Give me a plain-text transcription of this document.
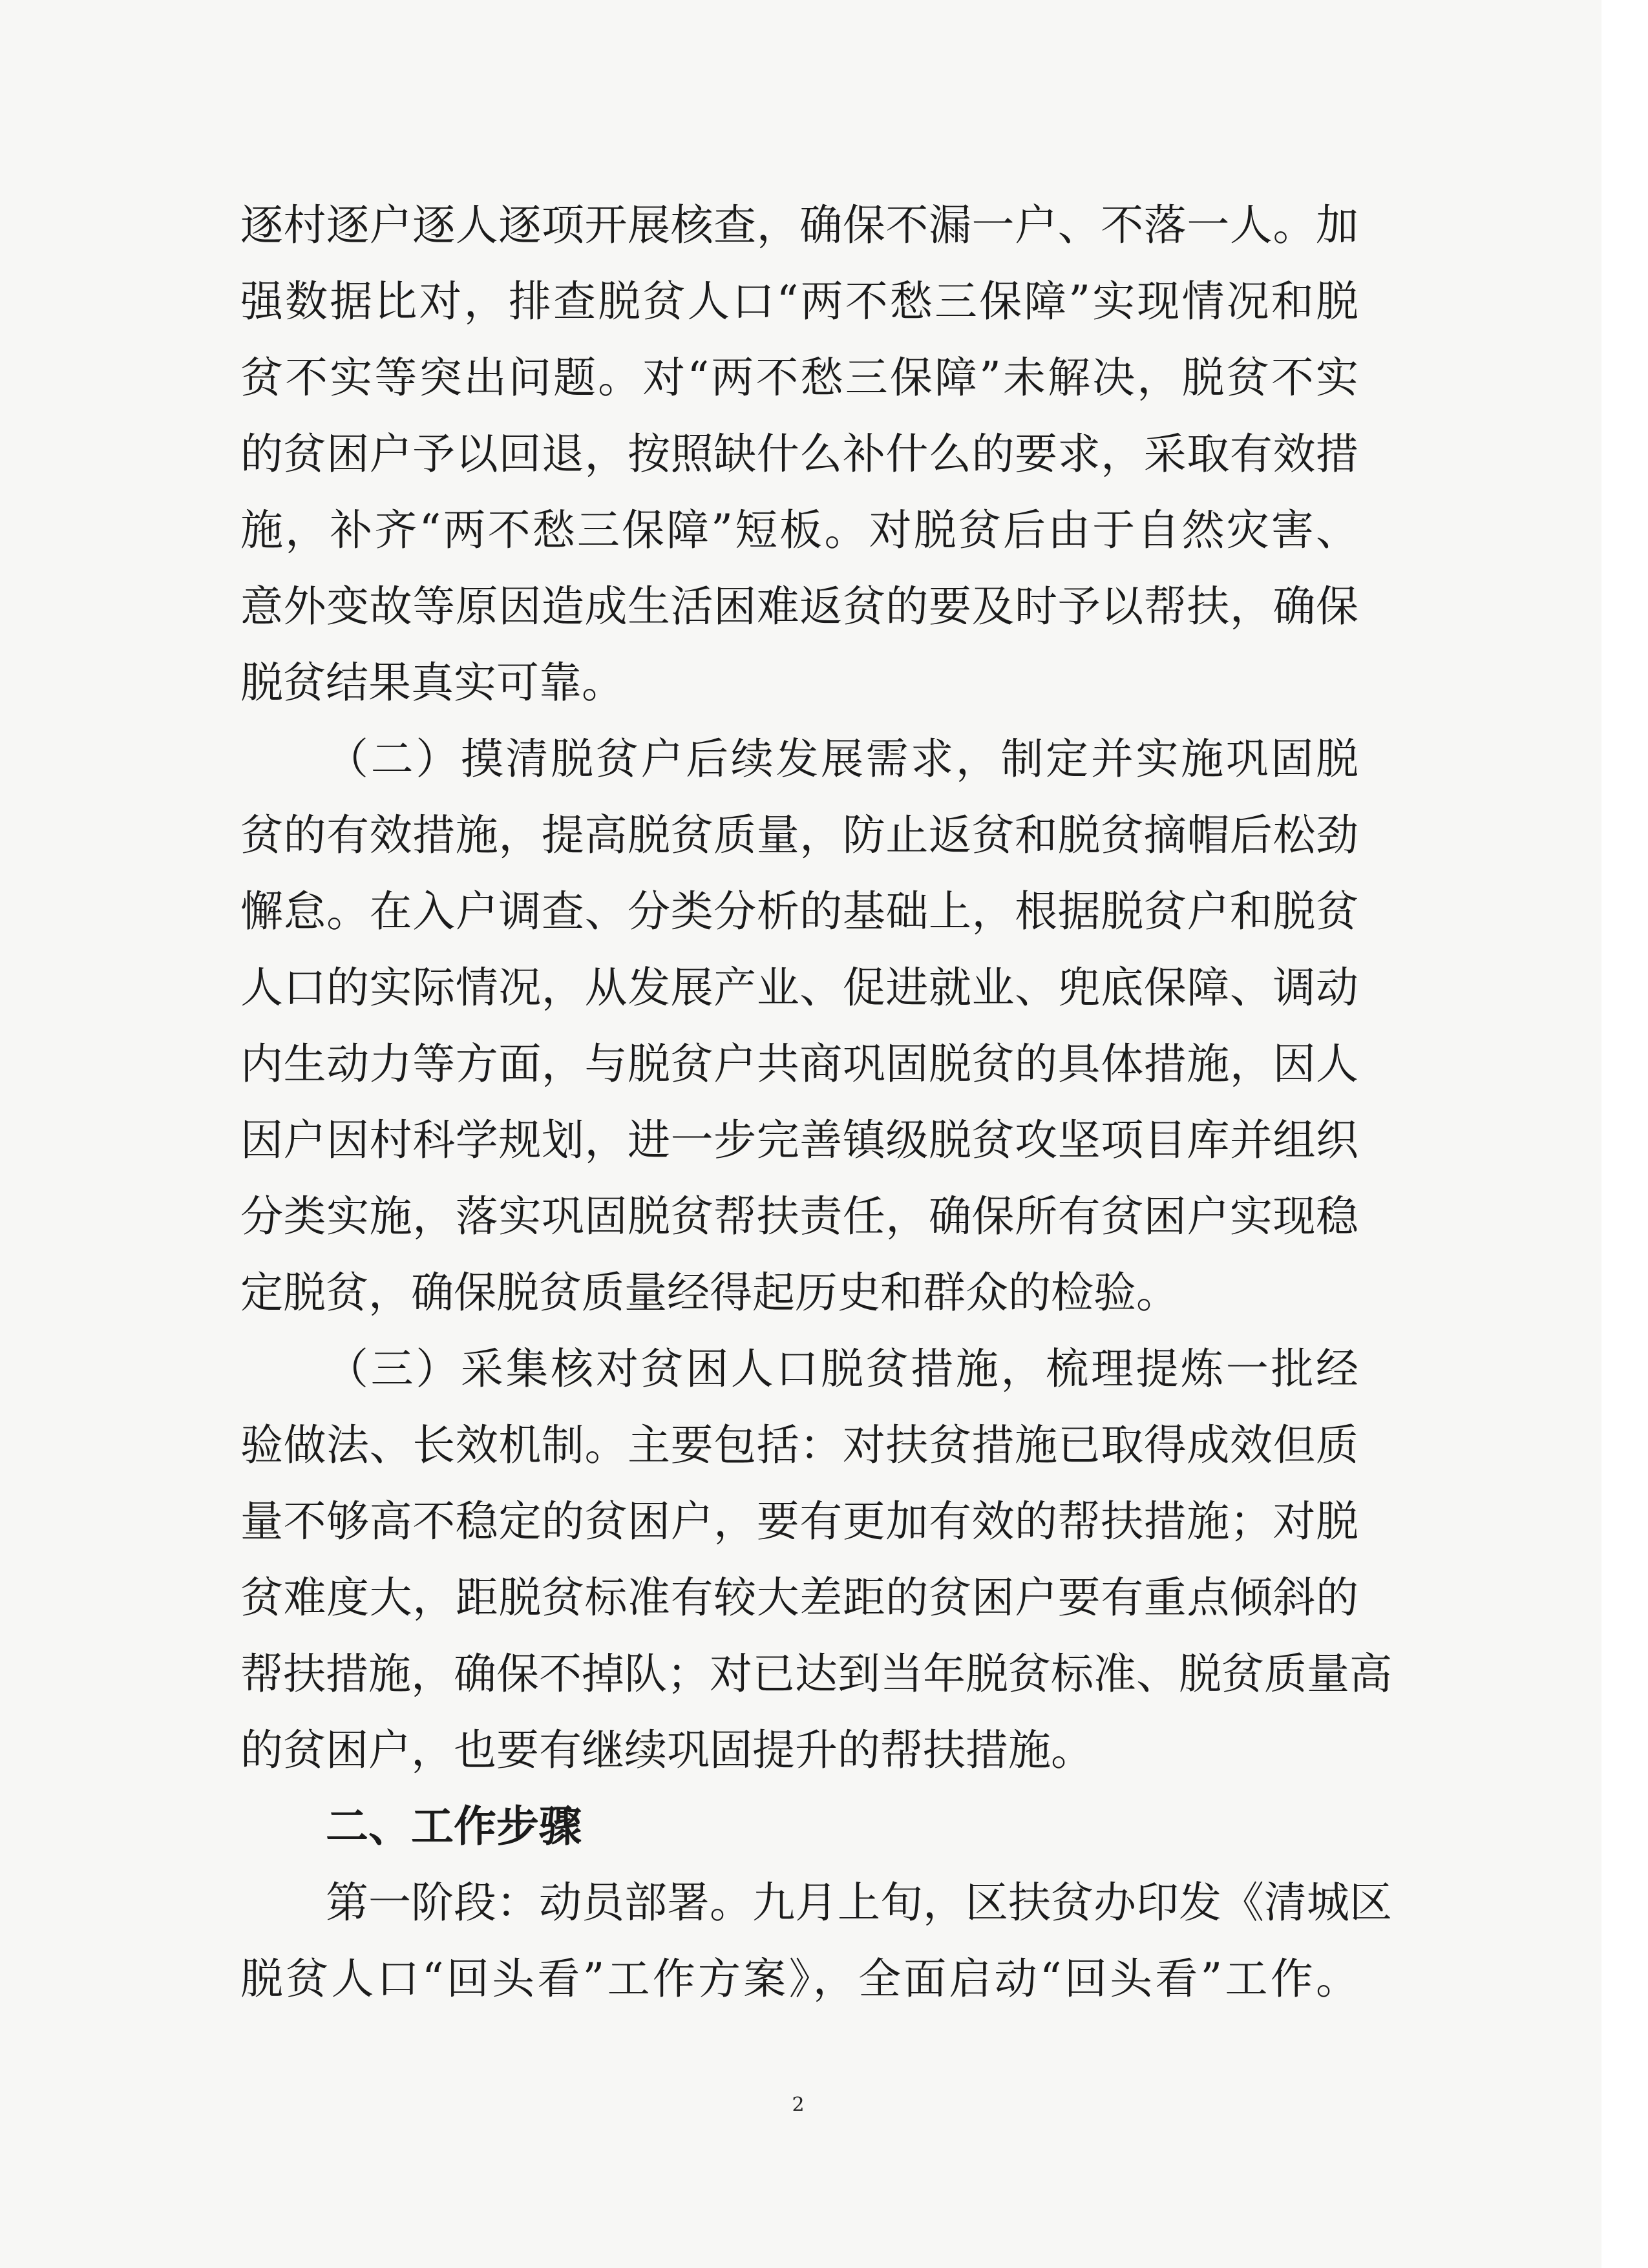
逐村逐户逐人逐项开展核查，确保不漏一户、不落一人。加
强数据比对，排查脱贫人口“两不愁三保障”实现情况和脱
贫不实等突出问题。对“两不愁三保障”未解决，脱贫不实
的贫困户予以回退，按照缺什么补什么的要求，采取有效措
施，补齐“两不愁三保障”短板。对脱贫后由于自然灾害、
意外变故等原因造成生活困难返贫的要及时予以帮扶，确保
脱贫结果真实可靠。
（二）摸清脱贫户后续发展需求，制定并实施巩固脱
贫的有效措施，提高脱贫质量，防止返贫和脱贫摘帽后松劲
懈怠。在入户调查、分类分析的基础上，根据脱贫户和脱贫
人口的实际情况，从发展产业、促进就业、兜底保障、调动
内生动力等方面，与脱贫户共商巩固脱贫的具体措施，因人
因户因村科学规划，进一步完善镇级脱贫攻坚项目库并组织
分类实施，落实巩固脱贫帮扶责任，确保所有贫困户实现稳
定脱贫，确保脱贫质量经得起历史和群众的检验。
（三）采集核对贫困人口脱贫措施，梳理提炼一批经
验做法、长效机制。主要包括：对扶贫措施已取得成效但质
量不够高不稳定的贫困户，要有更加有效的帮扶措施；对脱
贫难度大，距脱贫标准有较大差距的贫困户要有重点倾斜的
帮扶措施，确保不掉队；对已达到当年脱贫标准、脱贫质量高
的贫困户，也要有继续巩固提升的帮扶措施。
二、工作步骤
第一阶段：动员部署。九月上旬，区扶贫办印发《清城区
脱贫人口“回头看”工作方案》，全面启动“回头看”工作。
2
